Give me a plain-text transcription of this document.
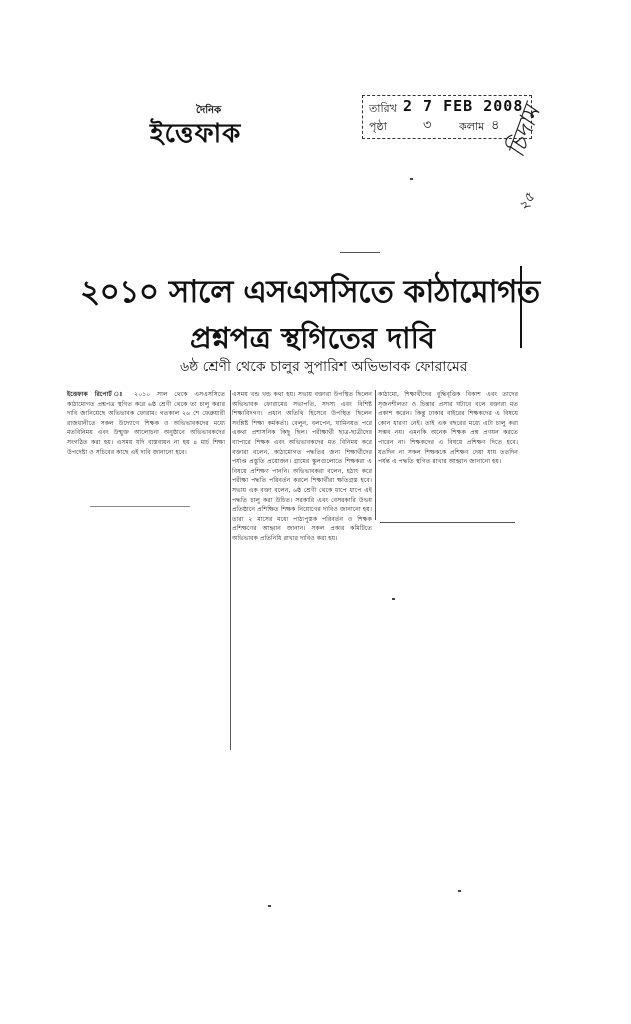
দৈনিক
ইত্তেফাক
তারিখ 2 7 FEB 2008
পৃষ্ঠা	৩	কলাম ৪ চিদাম
২৫
২০১০ সালে এসএসসিতে কাঠামোগত
প্রশ্নপত্র স্থগিতের দাবি
৬ষ্ঠ শ্রেণী থেকে চালুর সুপারিশ অভিভাবক ফোরামের
ইত্তেফাক রিপোর্ট ঃ ২০১০ সাল থেকে এসএসসিতে কাঠামোগত প্রশ্নপত্র স্থগিত করে ৬ষ্ঠ শ্রেণী থেকে তা চালু করার দাবি জানিয়েছে অভিভাবক ফোরাম। গতকাল ২৬ শে ফেব্রুয়ারী রাজধানীতে সকল উদ্যোগে শিক্ষক ও অভিভাবকদের মধ্যে মতবিনিময় এবং উন্মুক্ত আলোচনা অনুষ্ঠানে অভিভাবকদের সংগঠিত করা হয়। এসময় যদি বাস্তবায়ন না হয় ৪ মার্চ শিক্ষা উপদেষ্টা ও সচিবের কাছে এই দাবি জানানো হবে।
এসময় খন্ড খন্ড কথা হয়। সভায় বক্তারা উপস্থিত ছিলেন অভিভাবক ফোরামের সভাপতি, সদস্য এবং বিশিষ্ট শিক্ষাবিদগণ। প্রধান অতিথি হিসেবে উপস্থিত ছিলেন সংশ্লিষ্ট শিক্ষা কর্মকর্তা। বেলুন, বলপেন, ঘামিনয়ত পরে একথা প্রশাসনিক কিছু ছিল। পরীক্ষার্থী ছাত্র-ছাত্রীদের ব্যাপারে শিক্ষক এবং অভিভাবকদের মত বিনিময় করে বক্তারা বলেন, কাঠামোগত পদ্ধতির জন্য শিক্ষার্থীদের পর্যাপ্ত প্রস্তুতি প্রয়োজন। গ্রামের স্কুলগুলোতে শিক্ষকরা এ বিষয়ে প্রশিক্ষণ পাননি। অভিভাবকরা বলেন, হঠাৎ করে পরীক্ষা পদ্ধতি পরিবর্তন করলে শিক্ষার্থীরা ক্ষতিগ্রস্ত হবে। সভায় এক বক্তা বলেন, ৬ষ্ঠ শ্রেণী থেকে ধাপে ধাপে এই পদ্ধতি চালু করা উচিত। সরকারি এবং বেসরকারি উভয় প্রতিষ্ঠানে প্রশিক্ষিত শিক্ষক নিয়োগের দাবিও জানানো হয়। তারা ২ মাসের মধ্যে পাঠ্যপুস্তক পরিবর্তন ও শিক্ষক প্রশিক্ষণের আহ্বান জানান। সকল প্রকার কমিটিতে অভিভাবক প্রতিনিধি রাখার দাবিও করা হয়।
কাঠামো, শিক্ষার্থীদের বুদ্ধিবৃত্তিক বিকাশ এবং তাদের সৃজনশীলতা ও চিন্তার প্রসার ঘটাবে বলে বক্তারা মত প্রকাশ করেন। কিন্তু ঢাকার বাইরের শিক্ষকদের এ বিষয়ে কোন ধারণা নেই। তাই এক বছরের মধ্যে এটা চালু করা সম্ভব নয়। এমনকি অনেক শিক্ষক প্রশ্ন প্রণয়ন করতে পারেন না। শিক্ষকদের এ বিষয়ে প্রশিক্ষণ দিতে হবে। যতদিন না সকল শিক্ষককে প্রশিক্ষণ দেয়া যায় ততদিন পর্যন্ত এ পদ্ধতি স্থগিত রাখার আহ্বান জানানো হয়।
